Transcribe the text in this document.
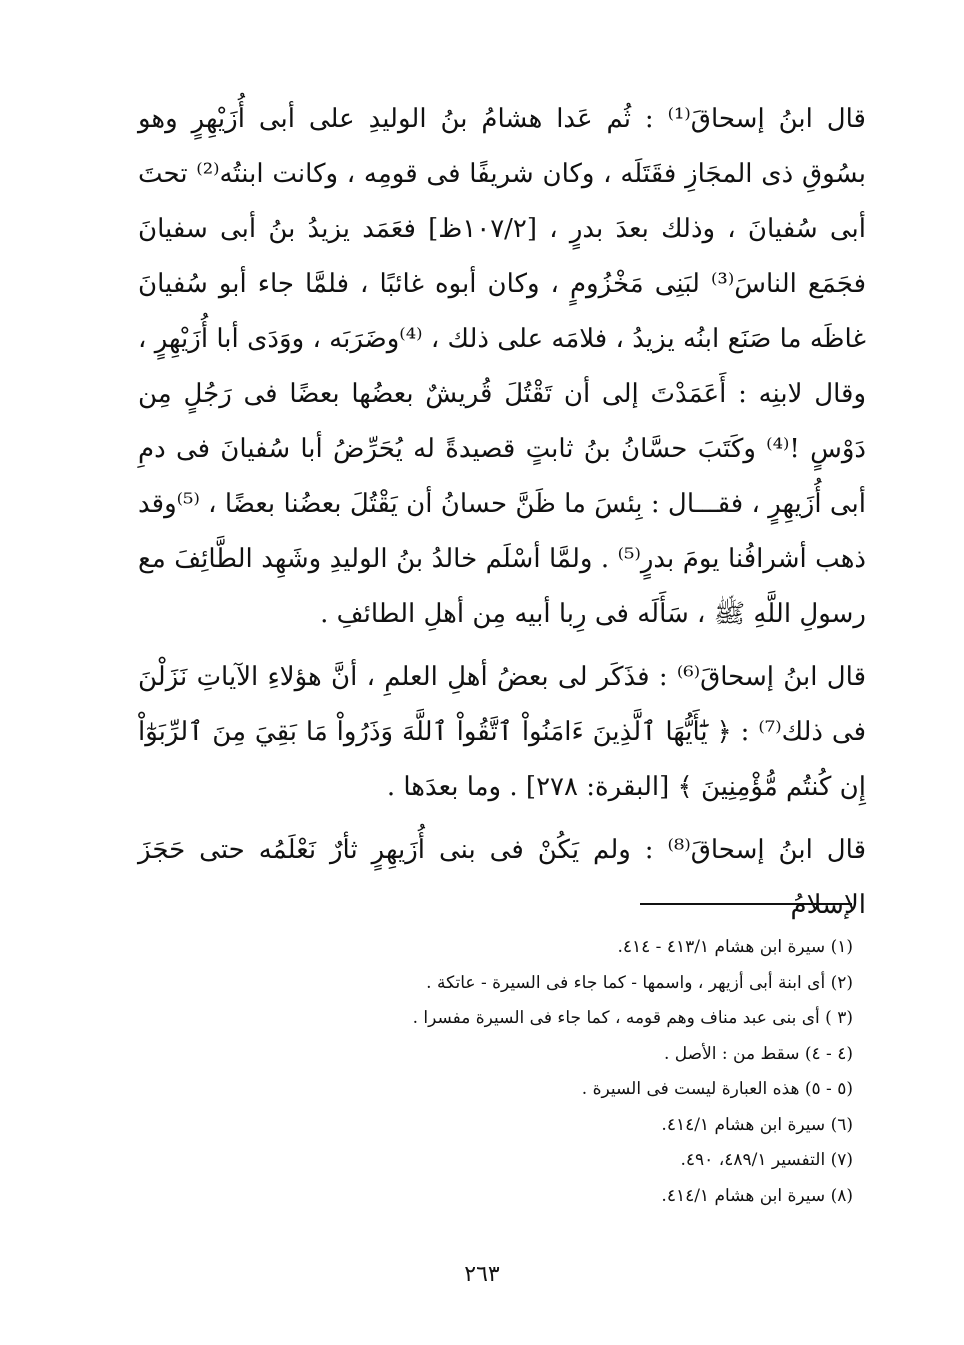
قال ابنُ إسحاقَ⁽¹⁾ : ثُم عَدا هشامُ بنُ الوليدِ على أبى أُزَيْهِرٍ وهو بسُوقِ ذى المجَازِ فقَتَلَه ، وكان شريفًا فى قومِه ، وكانت ابنتُه⁽²⁾ تحتَ أبى سُفيانَ ، وذلك بعدَ بدرٍ ، [١٠٧/٢ظ] فعَمَد يزيدُ بنُ أبى سفيانَ فجَمَع الناسَ⁽³⁾ لبَنِى مَخْزُومٍ ، وكان أبوه غائبًا ، فلمَّا جاء أبو سُفيانَ غاظَه ما صَنَع ابنُه يزيدُ ، فلامَه على ذلك ، ⁽⁴⁾وضَرَبَه ، ووَدَى أبا أُزَيْهِرٍ ، وقال لابنِه : أَعَمَدْتَ إلى أن تَقْتُلَ قُريشٌ بعضُها بعضًا فى رَجُلٍ مِن دَوْسٍ !⁽⁴⁾ وكَتَبَ حسَّانُ بنُ ثابتٍ قصيدةً له يُحَرِّضُ أبا سُفيانَ فى دمِ أبى أُزَيهِرٍ ، فقـــال : بِئسَ ما ظَنَّ حسانُ أن يَقْتُلَ بعضُنا بعضًا ، ⁽⁵⁾وقد ذهب أشرافُنا يومَ بدرٍ⁽⁵⁾ . ولمَّا أسْلَم خالدُ بنُ الوليدِ وشَهِد الطَّائِفَ مع رسولِ اللَّهِ ﷺ ، سَأَلَه فى رِبا أبيه مِن أهلِ الطائفِ .

قال ابنُ إسحاقَ⁽⁶⁾ : فذَكَر لى بعضُ أهلِ العلمِ ، أنَّ هؤلاءِ الآياتِ نَزَلْنَ فى ذلك⁽⁷⁾ : ﴿ يَٰٓأَيُّهَا ٱلَّذِينَ ءَامَنُواْ ٱتَّقُواْ ٱللَّهَ وَذَرُواْ مَا بَقِيَ مِنَ ٱلرِّبَوٰٓاْ إِن كُنتُم مُّؤْمِنِينَ ﴾ [البقرة: ٢٧٨] . وما بعدَها .

قال ابنُ إسحاقَ⁽⁸⁾ : ولم يَكُنْ فى بنى أُزَيهِرٍ ثأرٌ نَعْلَمُه حتى حَجَزَ الإسلامُ

(١) سيرة ابن هشام ٤١٣/١ - ٤١٤.
(٢) أى ابنة أبى أزيهر ، واسمها - كما جاء فى السيرة - عاتكة .
(٣ ) أى بنى عبد مناف وهم قومه ، كما جاء فى السيرة مفسرا .
(٤ - ٤) سقط من : الأصل .
(٥ - ٥) هذه العبارة ليست فى السيرة .
(٦) سيرة ابن هشام ٤١٤/١.
(٧) التفسير ٤٨٩/١، ٤٩٠.
(٨) سيرة ابن هشام ٤١٤/١.
٢٦٣
